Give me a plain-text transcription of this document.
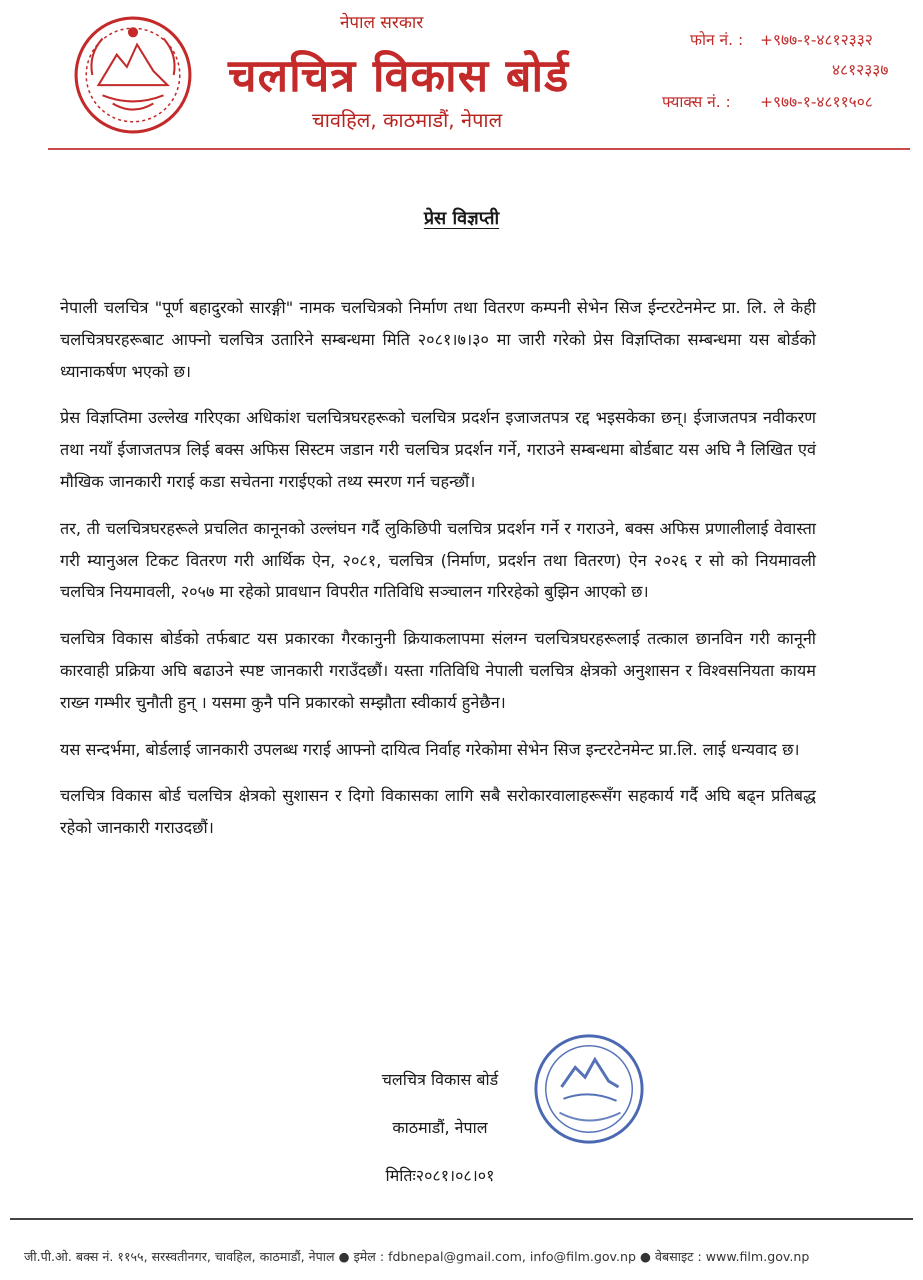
नेपाल सरकार
चलचित्र विकास बोर्ड
चावहिल, काठमाडौं, नेपाल
फोन नं. : +९७७-१-४८१२३३२
४८१२३३७
फ्याक्स नं. : +९७७-१-४८११५०८
प्रेस विज्ञप्ती

नेपाली चलचित्र "पूर्ण बहादुरको सारङ्गी" नामक चलचित्रको निर्माण तथा वितरण कम्पनी सेभेन सिज ईन्टरटेनमेन्ट प्रा. लि. ले केही चलचित्रघरहरूबाट आफ्नो चलचित्र उतारिने सम्बन्धमा मिति २०८१।७।३० मा जारी गरेको प्रेस विज्ञप्तिका सम्बन्धमा यस बोर्डको ध्यानाकर्षण भएको छ।

प्रेस विज्ञप्तिमा उल्लेख गरिएका अधिकांश चलचित्रघरहरूको चलचित्र प्रदर्शन इजाजतपत्र रद्द भइसकेका छन्। ईजाजतपत्र नवीकरण तथा नयाँ ईजाजतपत्र लिई बक्स अफिस सिस्टम जडान गरी चलचित्र प्रदर्शन गर्ने, गराउने सम्बन्धमा बोर्डबाट यस अघि नै लिखित एवं मौखिक जानकारी गराई कडा सचेतना गराईएको तथ्य स्मरण गर्न चहन्छौं।

तर, ती चलचित्रघरहरूले प्रचलित कानूनको उल्लंघन गर्दै लुकिछिपी चलचित्र प्रदर्शन गर्ने र गराउने, बक्स अफिस प्रणालीलाई वेवास्ता गरी म्यानुअल टिकट वितरण गरी आर्थिक ऐन, २०८१, चलचित्र (निर्माण, प्रदर्शन तथा वितरण) ऐन २०२६ र सो को नियमावली चलचित्र नियमावली, २०५७ मा रहेको प्रावधान विपरीत गतिविधि सञ्चालन गरिरहेको बुझिन आएको छ।

चलचित्र विकास बोर्डको तर्फबाट यस प्रकारका गैरकानुनी क्रियाकलापमा संलग्न चलचित्रघरहरूलाई तत्काल छानविन गरी कानूनी कारवाही प्रक्रिया अघि बढाउने स्पष्ट जानकारी गराउँदछौं। यस्ता गतिविधि नेपाली चलचित्र क्षेत्रको अनुशासन र विश्वसनियता कायम राख्न गम्भीर चुनौती हुन् । यसमा कुनै पनि प्रकारको सम्झौता स्वीकार्य हुनेछैन।

यस सन्दर्भमा, बोर्डलाई जानकारी उपलब्ध गराई आफ्नो दायित्व निर्वाह गरेकोमा सेभेन सिज इन्टरटेनमेन्ट प्रा.लि. लाई धन्यवाद छ।

चलचित्र विकास बोर्ड चलचित्र क्षेत्रको सुशासन र दिगो विकासका लागि सबै सरोकारवालाहरूसँग सहकार्य गर्दै अघि बढ्न प्रतिबद्ध रहेको जानकारी गराउदछौं।

चलचित्र विकास बोर्ड
काठमाडौं, नेपाल
मितिः२०८१।०८।०१
जी.पी.ओ. बक्स नं. ११५५, सरस्वतीनगर, चावहिल, काठमाडौं, नेपाल ● इमेल : fdbnepal@gmail.com, info@film.gov.np ● वेबसाइट : www.film.gov.np
